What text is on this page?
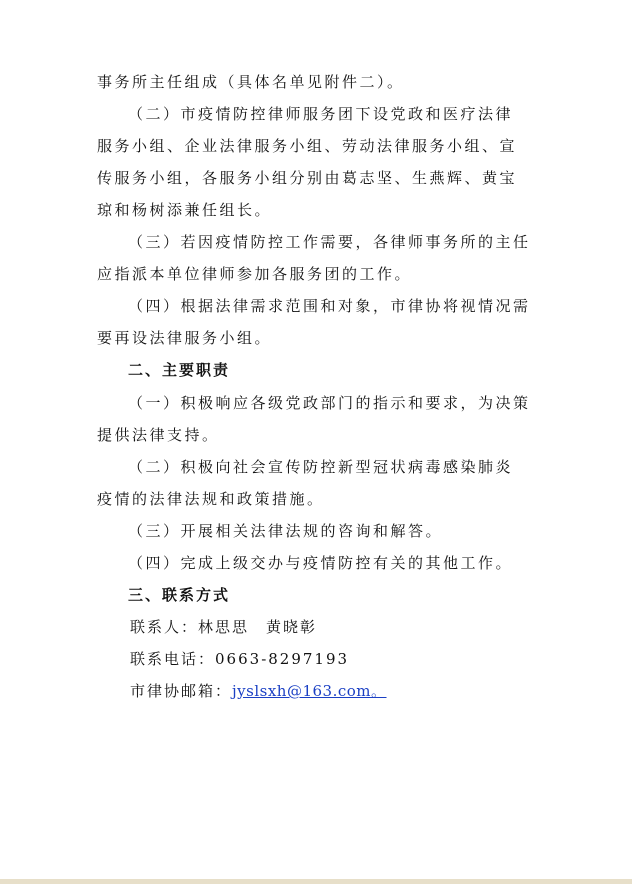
事务所主任组成（具体名单见附件二）。
（二）市疫情防控律师服务团下设党政和医疗法律
服务小组、企业法律服务小组、劳动法律服务小组、宣
传服务小组，各服务小组分别由葛志坚、生燕辉、黄宝
琼和杨树添兼任组长。
（三）若因疫情防控工作需要，各律师事务所的主任
应指派本单位律师参加各服务团的工作。
（四）根据法律需求范围和对象，市律协将视情况需
要再设法律服务小组。
二、主要职责
（一）积极响应各级党政部门的指示和要求，为决策
提供法律支持。
（二）积极向社会宣传防控新型冠状病毒感染肺炎
疫情的法律法规和政策措施。
（三）开展相关法律法规的咨询和解答。
（四）完成上级交办与疫情防控有关的其他工作。
三、联系方式
联系人：林思思　黄晓彰
联系电话：0663-8297193
市律协邮箱：jyslsxh@163.com。
